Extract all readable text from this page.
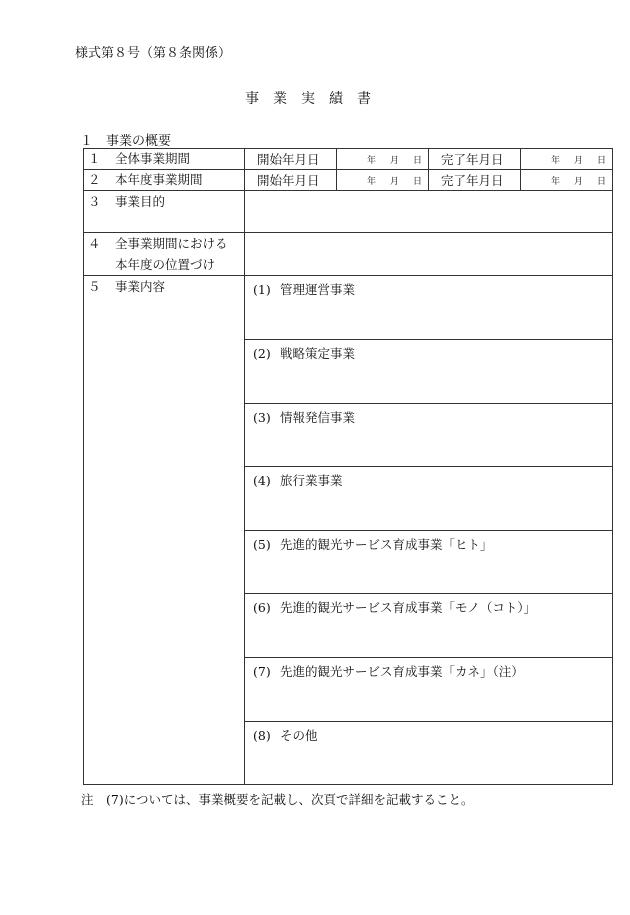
様式第８号（第８条関係）
事業実績書
１　事業の概要
１ 全体事業期間	開始年月日	年 月 日	完了年月日	年 月 日
２ 本年度事業期間	開始年月日	年 月 日	完了年月日	年 月 日
３ 事業目的				

４ 全事業期間における
本年度の位置づけ				

５ 事業内容	(1) 管理運営事業			
	(2) 戦略策定事業			
	(3) 情報発信事業			
	(4) 旅行業事業			
	(5) 先進的観光サービス育成事業「ヒト」			
	(6) 先進的観光サービス育成事業「モノ（コト）」			
	(7) 先進的観光サービス育成事業「カネ」（注）			
	(8) その他			
注　(7)については、事業概要を記載し、次頁で詳細を記載すること。
